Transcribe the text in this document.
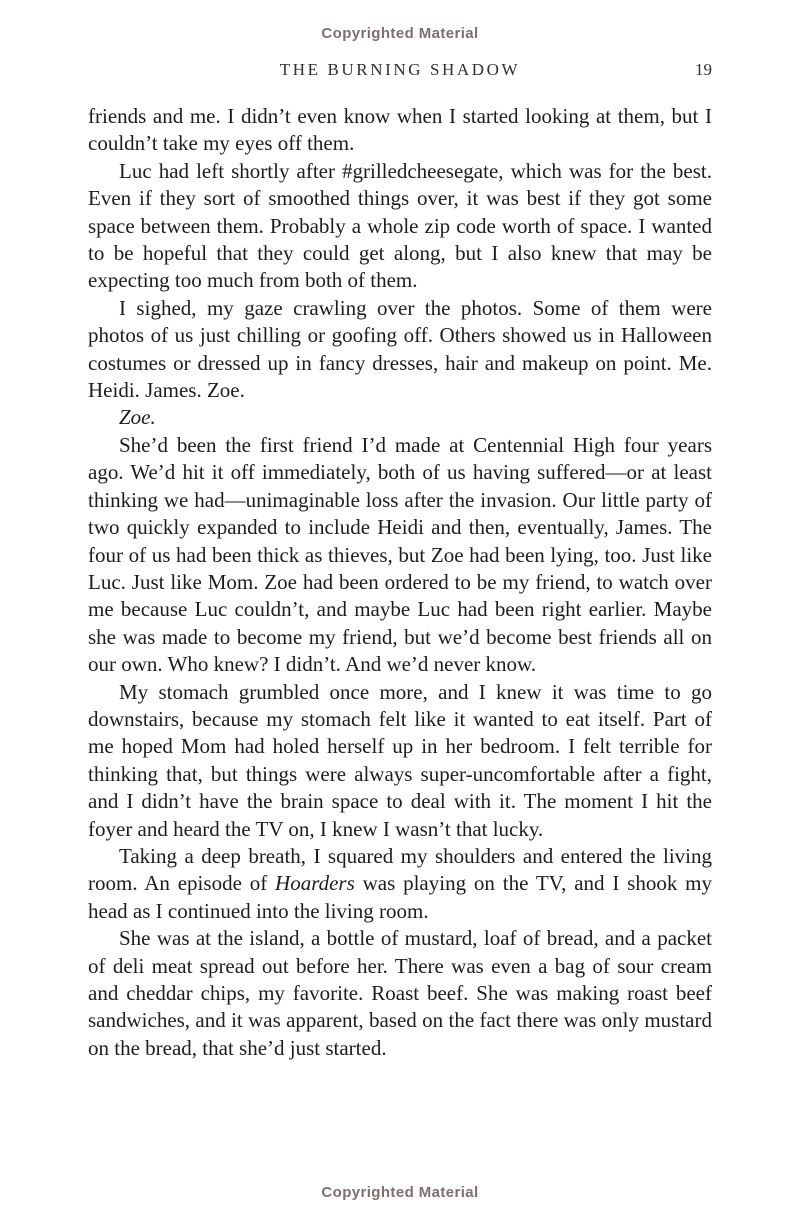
Copyrighted Material
THE BURNING SHADOW	19

friends and me. I didn’t even know when I started looking at them, but I couldn’t take my eyes off them.

Luc had left shortly after #grilledcheesegate, which was for the best. Even if they sort of smoothed things over, it was best if they got some space between them. Probably a whole zip code worth of space. I wanted to be hopeful that they could get along, but I also knew that may be expecting too much from both of them.

I sighed, my gaze crawling over the photos. Some of them were photos of us just chilling or goofing off. Others showed us in Halloween costumes or dressed up in fancy dresses, hair and makeup on point. Me. Heidi. James. Zoe.

Zoe.

She’d been the first friend I’d made at Centennial High four years ago. We’d hit it off immediately, both of us having suffered—or at least thinking we had—unimaginable loss after the invasion. Our little party of two quickly expanded to include Heidi and then, eventually, James. The four of us had been thick as thieves, but Zoe had been lying, too. Just like Luc. Just like Mom. Zoe had been ordered to be my friend, to watch over me because Luc couldn’t, and maybe Luc had been right earlier. Maybe she was made to become my friend, but we’d become best friends all on our own. Who knew? I didn’t. And we’d never know.

My stomach grumbled once more, and I knew it was time to go downstairs, because my stomach felt like it wanted to eat itself. Part of me hoped Mom had holed herself up in her bedroom. I felt terrible for thinking that, but things were always super-uncomfortable after a fight, and I didn’t have the brain space to deal with it. The moment I hit the foyer and heard the TV on, I knew I wasn’t that lucky.

Taking a deep breath, I squared my shoulders and entered the living room. An episode of Hoarders was playing on the TV, and I shook my head as I continued into the living room.

She was at the island, a bottle of mustard, loaf of bread, and a packet of deli meat spread out before her. There was even a bag of sour cream and cheddar chips, my favorite. Roast beef. She was making roast beef sandwiches, and it was apparent, based on the fact there was only mustard on the bread, that she’d just started.

Copyrighted Material
